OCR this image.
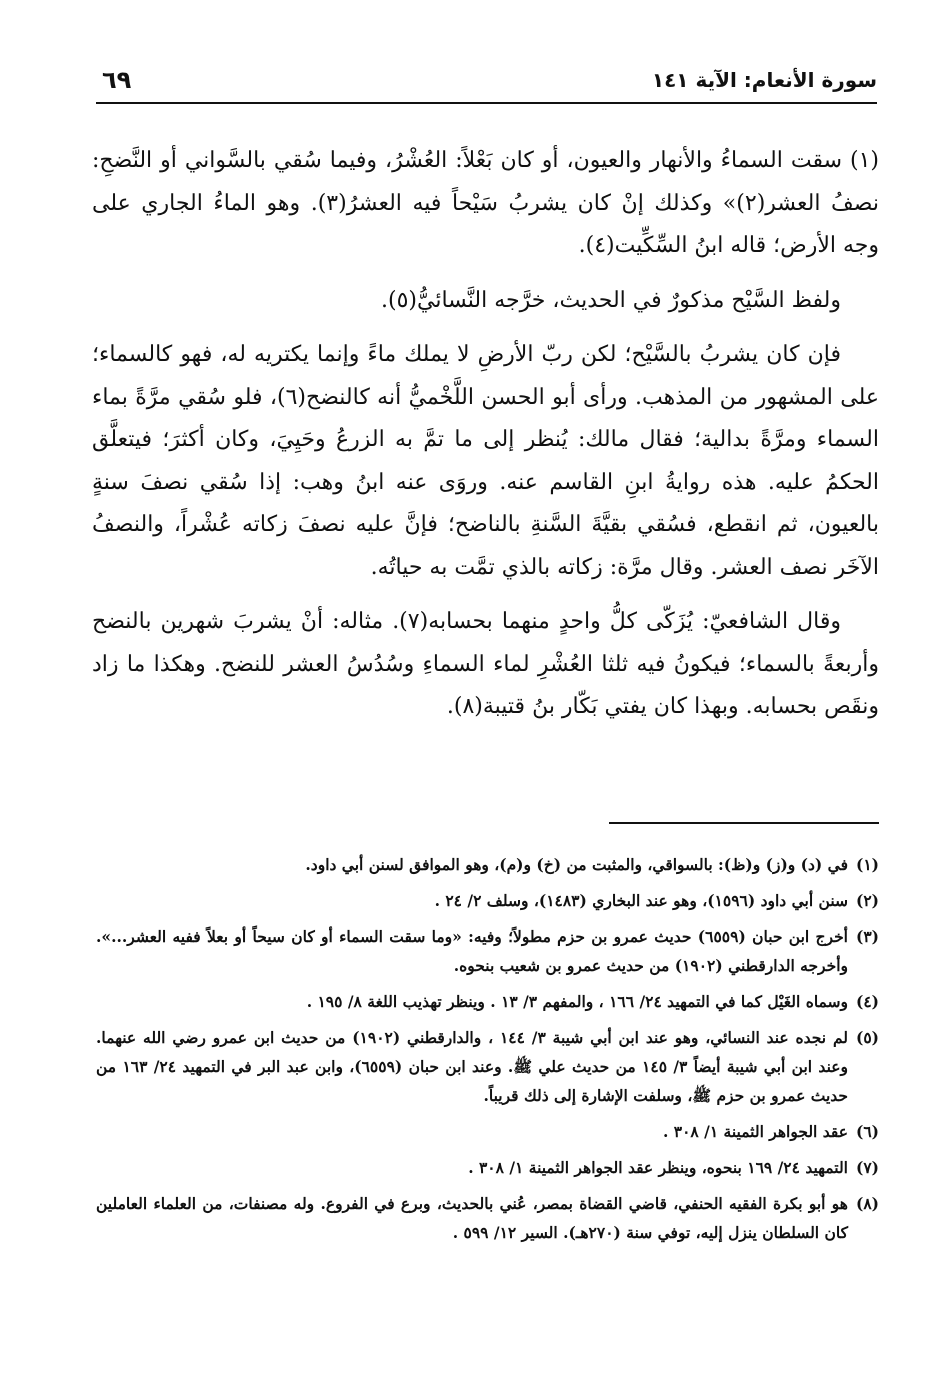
سورة الأنعام: الآية ١٤١
٦٩

(١) سقت السماءُ والأنهار والعيون، أو كان بَعْلاً: العُشْرُ، وفيما سُقي بالسَّواني أو النَّضحِ: نصفُ العشر(٢)» وكذلك إنْ كان يشربُ سَيْحاً فيه العشرُ(٣). وهو الماءُ الجاري على وجه الأرض؛ قاله ابنُ السِّكِّيت(٤).

ولفظ السَّيْح مذكورٌ في الحديث، خرَّجه النَّسائيُّ(٥).

فإن كان يشربُ بالسَّيْح؛ لكن ربّ الأرضِ لا يملك ماءً وإنما يكتريه له، فهو كالسماء؛ على المشهور من المذهب. ورأى أبو الحسن اللَّخْميُّ أنه كالنضح(٦)، فلو سُقي مرَّةً بماء السماء ومرَّةً بدالية؛ فقال مالك: يُنظر إلى ما تمَّ به الزرعُ وحَيِيَ، وكان أكثرَ؛ فيتعلَّق الحكمُ عليه. هذه روايةُ ابنِ القاسم عنه. وروَى عنه ابنُ وهب: إذا سُقي نصفَ سنةٍ بالعيون، ثم انقطع، فسُقي بقيَّةَ السَّنةِ بالناضح؛ فإنَّ عليه نصفَ زكاته عُشْراً، والنصفُ الآخَر نصف العشر. وقال مرَّة: زكاته بالذي تمَّت به حياتُه.

وقال الشافعيّ: يُزَكّى كلُّ واحدٍ منهما بحسابه(٧). مثاله: أنْ يشربَ شهرين بالنضح وأربعةً بالسماء؛ فيكونُ فيه ثلثا العُشْرِ لماء السماءِ وسُدُسُ العشر للنضح. وهكذا ما زاد ونقَص بحسابه. وبهذا كان يفتي بَكّار بنُ قتيبة(٨).

(١)
في (د) و(ز) و(ظ): بالسواقي، والمثبت من (خ) و(م)، وهو الموافق لسنن أبي داود.
(٢)
سنن أبي داود (١٥٩٦)، وهو عند البخاري (١٤٨٣)، وسلف ٢/ ٢٤ .
(٣)
أخرج ابن حبان (٦٥٥٩) حديث عمرو بن حزم مطولاً؛ وفيه: «وما سقت السماء أو كان سيحاً أو بعلاً ففيه العشر...». وأخرجه الدارقطني (١٩٠٢) من حديث عمرو بن شعيب بنحوه.
(٤)
وسماه الغَيْل كما في التمهيد ٢٤/ ١٦٦ ، والمفهم ٣/ ١٣ . وينظر تهذيب اللغة ٨/ ١٩٥ .
(٥)
لم نجده عند النسائي، وهو عند ابن أبي شيبة ٣/ ١٤٤ ، والدارقطني (١٩٠٢) من حديث ابن عمرو رضي الله عنهما. وعند ابن أبي شيبة أيضاً ٣/ ١٤٥ من حديث علي ﷺ. وعند ابن حبان (٦٥٥٩)، وابن عبد البر في التمهيد ٢٤/ ١٦٣ من حديث عمرو بن حزم ﷺ، وسلفت الإشارة إلى ذلك قريباً.
(٦)
عقد الجواهر الثمينة ١/ ٣٠٨ .
(٧)
التمهيد ٢٤/ ١٦٩ بنحوه، وينظر عقد الجواهر الثمينة ١/ ٣٠٨ .
(٨)
هو أبو بكرة الفقيه الحنفي، قاضي القضاة بمصر، عُني بالحديث، وبرع في الفروع. وله مصنفات، من العلماء العاملين كان السلطان ينزل إليه، توفي سنة (٢٧٠هـ). السير ١٢/ ٥٩٩ .
